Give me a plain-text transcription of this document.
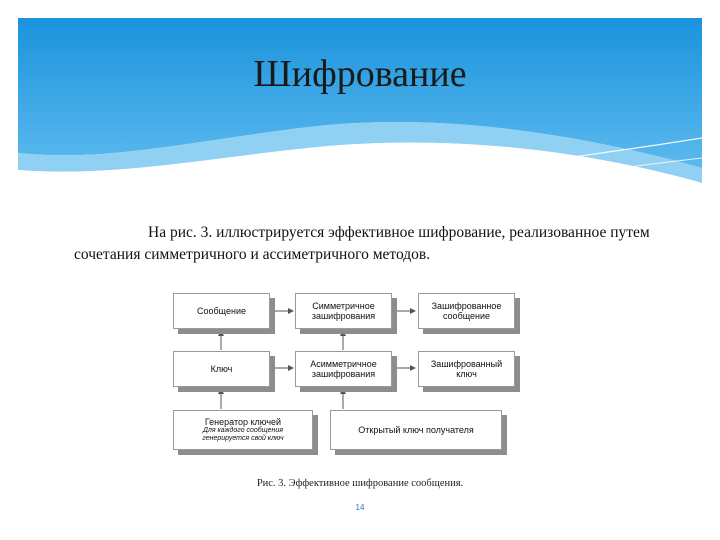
Шифрование

На рис. 3. иллюстрируется эффективное шифрование, реализованное путем сочетания симметричного и ассиметричного методов.

Сообщение	Симметричное
зашифрования
Зашифрованное
сообщение
Ключ	Асимметричное
зашифрования
Зашифрованный
ключ
Генератор ключей
Для каждого сообщения
генерируется свой ключ
Открытый ключ получателя
Рис. 3. Эффективное шифрование сообщения.
14
